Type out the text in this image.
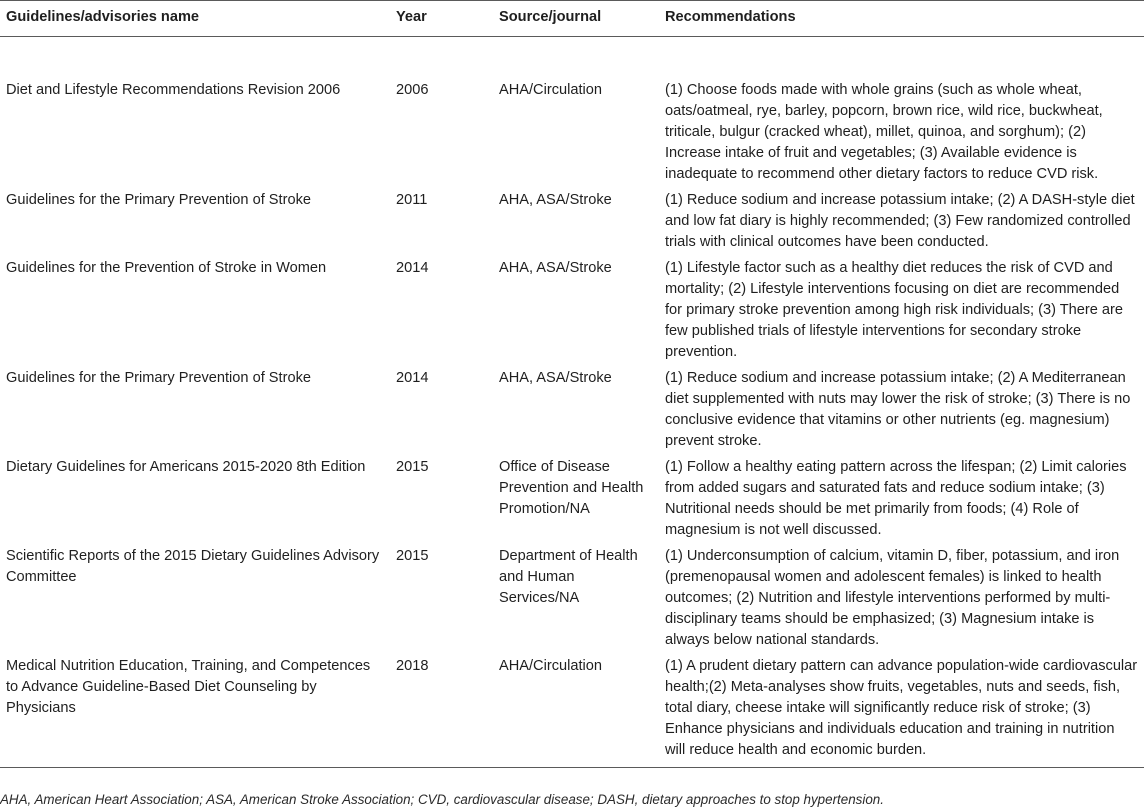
Guidelines/advisories name	Year	Source/journal	Recommendations

Diet and Lifestyle Recommendations Revision 2006	2006	AHA/Circulation	(1) Choose foods made with whole grains (such as whole wheat, oats/oatmeal, rye, barley, popcorn, brown rice, wild rice, buckwheat, triticale, bulgur (cracked wheat), millet, quinoa, and sorghum); (2) Increase intake of fruit and vegetables; (3) Available evidence is inadequate to recommend other dietary factors to reduce CVD risk.
Guidelines for the Primary Prevention of Stroke	2011	AHA, ASA/Stroke	(1) Reduce sodium and increase potassium intake; (2) A DASH-style diet and low fat diary is highly recommended; (3) Few randomized controlled trials with clinical outcomes have been conducted.
Guidelines for the Prevention of Stroke in Women	2014	AHA, ASA/Stroke	(1) Lifestyle factor such as a healthy diet reduces the risk of CVD and mortality; (2) Lifestyle interventions focusing on diet are recommended for primary stroke prevention among high risk individuals; (3) There are few published trials of lifestyle interventions for secondary stroke prevention.
Guidelines for the Primary Prevention of Stroke	2014	AHA, ASA/Stroke	(1) Reduce sodium and increase potassium intake; (2) A Mediterranean diet supplemented with nuts may lower the risk of stroke; (3) There is no conclusive evidence that vitamins or other nutrients (eg. magnesium) prevent stroke.
Dietary Guidelines for Americans 2015-2020 8th Edition	2015	Office of Disease Prevention and Health Promotion/NA	(1) Follow a healthy eating pattern across the lifespan; (2) Limit calories from added sugars and saturated fats and reduce sodium intake; (3) Nutritional needs should be met primarily from foods; (4) Role of magnesium is not well discussed.
Scientific Reports of the 2015 Dietary Guidelines Advisory Committee	2015	Department of Health and Human Services/NA	(1) Underconsumption of calcium, vitamin D, fiber, potassium, and iron (premenopausal women and adolescent females) is linked to health outcomes; (2) Nutrition and lifestyle interventions performed by multi-disciplinary teams should be emphasized; (3) Magnesium intake is always below national standards.
Medical Nutrition Education, Training, and Competences to Advance Guideline-Based Diet Counseling by Physicians	2018	AHA/Circulation	(1) A prudent dietary pattern can advance population-wide cardiovascular health;(2) Meta-analyses show fruits, vegetables, nuts and seeds, fish, total diary, cheese intake will significantly reduce risk of stroke; (3) Enhance physicians and individuals education and training in nutrition will reduce health and economic burden.
AHA, American Heart Association; ASA, American Stroke Association; CVD, cardiovascular disease; DASH, dietary approaches to stop hypertension.
